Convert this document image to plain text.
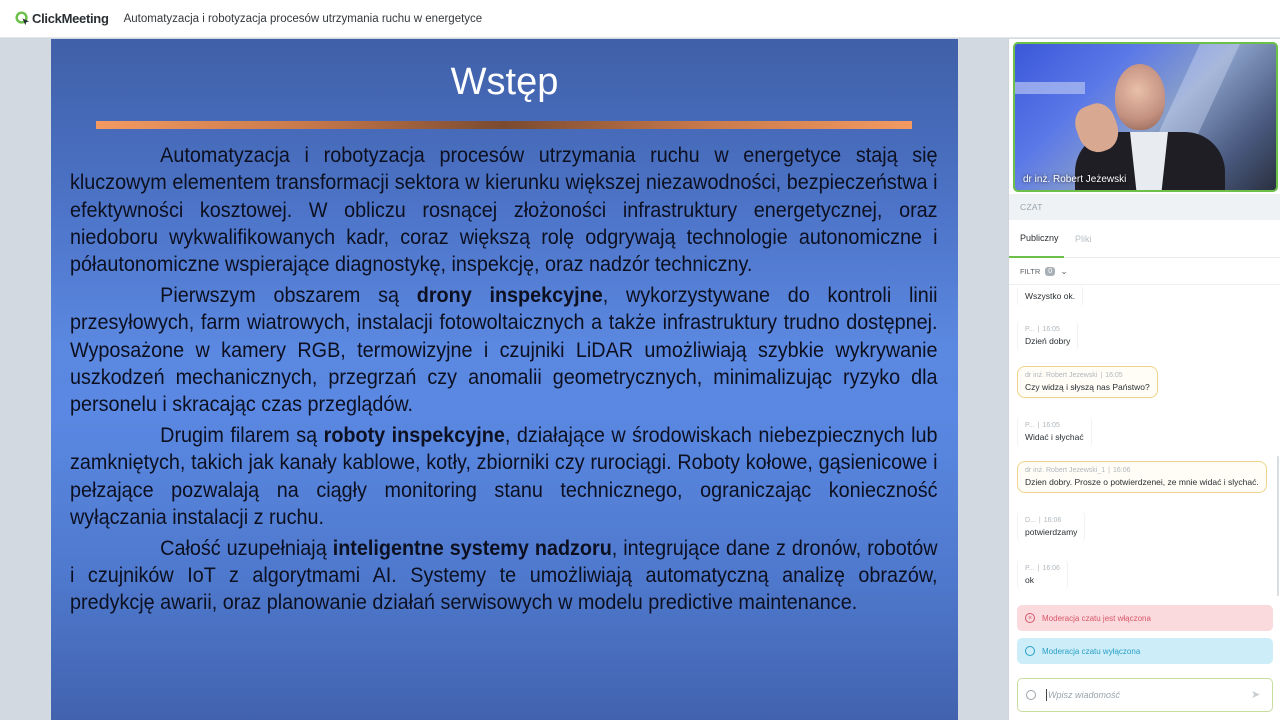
ClickMeeting Automatyzacja i robotyzacja procesów utrzymania ruchu w energetyce
Wstęp

Automatyzacja i robotyzacja procesów utrzymania ruchu w energetyce stają się kluczowym elementem transformacji sektora w kierunku większej niezawodności, bezpieczeństwa i efektywności kosztowej. W obliczu rosnącej złożoności infrastruktury energetycznej, oraz niedoboru wykwalifikowanych kadr, coraz większą rolę odgrywają technologie autonomiczne i półautonomiczne wspierające diagnostykę, inspekcję, oraz nadzór techniczny.

Pierwszym obszarem są drony inspekcyjne, wykorzystywane do kontroli linii przesyłowych, farm wiatrowych, instalacji fotowoltaicznych a także infrastruktury trudno dostępnej. Wyposażone w kamery RGB, termowizyjne i czujniki LiDAR umożliwiają szybkie wykrywanie uszkodzeń mechanicznych, przegrzań czy anomalii geometrycznych, minimalizując ryzyko dla personelu i skracając czas przeglądów.

Drugim filarem są roboty inspekcyjne, działające w środowiskach niebezpiecznych lub zamkniętych, takich jak kanały kablowe, kotły, zbiorniki czy rurociągi. Roboty kołowe, gąsienicowe i pełzające pozwalają na ciągły monitoring stanu technicznego, ograniczając konieczność wyłączania instalacji z ruchu.

Całość uzupełniają inteligentne systemy nadzoru, integrujące dane z dronów, robotów i czujników IoT z algorytmami AI. Systemy te umożliwiają automatyczną analizę obrazów, predykcję awarii, oraz planowanie działań serwisowych w modelu predictive maintenance.

dr inż. Robert Jeżewski
CZAT
Publiczny	Pliki
FILTR	0 ⌄
Wszystko ok.
P... | 16:05
Dzień dobry
dr inż. Robert Jezewski | 16:05
Czy widzą i słyszą nas Państwo?
P... | 16:05
Widać i słychać
dr inż. Robert Jezewski_1 | 16:06
Dzien dobry. Prosze o potwierdzenei, ze mnie widać i slychać.
D... | 16:06
potwierdzamy
P... | 16:06
ok
×	Moderacja czatu jest włączona
Moderacja czatu wyłączona
Wpisz wiadomość
➤
